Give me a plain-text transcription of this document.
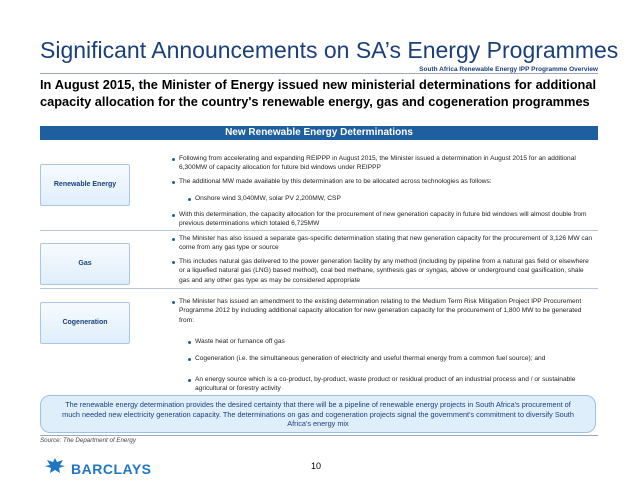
Significant Announcements on SA’s Energy Programmes
South Africa Renewable Energy IPP Programme Overview
In August 2015, the Minister of Energy issued new ministerial determinations for additional capacity allocation for the country's renewable energy, gas and cogeneration programmes
New Renewable Energy Determinations
Renewable Energy
Following from accelerating and expanding REIPPP in August 2015, the Minister issued a determination in August 2015 for an additional 6,300MW of capacity allocation for future bid windows under REIPPP
The additional MW made available by this determination are to be allocated across technologies as follows:
Onshore wind 3,040MW, solar PV 2,200MW, CSP
With this determination, the capacity allocation for the procurement of new generation capacity in future bid windows will almost double from previous determinations which totaled 6,725MW
Gas
The Minister has also issued a separate gas-specific determination stating that new generation capacity for the procurement of 3,126 MW can come from any gas type or source
This includes natural gas delivered to the power generation facility by any method (including by pipeline from a natural gas field or elsewhere or a liquefied natural gas (LNG) based method), coal bed methane, synthesis gas or syngas, above or underground coal gasification, shale gas and any other gas type as may be considered appropriate
Cogeneration
The Minister has issued an amendment to the existing determination relating to the Medium Term Risk Mitigation Project IPP Procurement Programme 2012 by including additional capacity allocation for new generation capacity for the procurement of 1,800 MW to be generated from:
Waste heat or furnance off gas
Cogeneration (i.e. the simultaneous generation of electricity and useful thermal energy from a common fuel source); and
An energy source which is a co-product, by-product, waste product or residual product of an industrial process and / or sustainable agricultural or forestry activity
The renewable energy determination provides the desired certainty that there will be a pipeline of renewable energy projects in South Africa's procurement of much needed new electricity generation capacity. The determinations on gas and cogeneration projects signal the government's commitment to diversify South Africa's energy mix
Source: The Department of Energy
BARCLAYS	10
